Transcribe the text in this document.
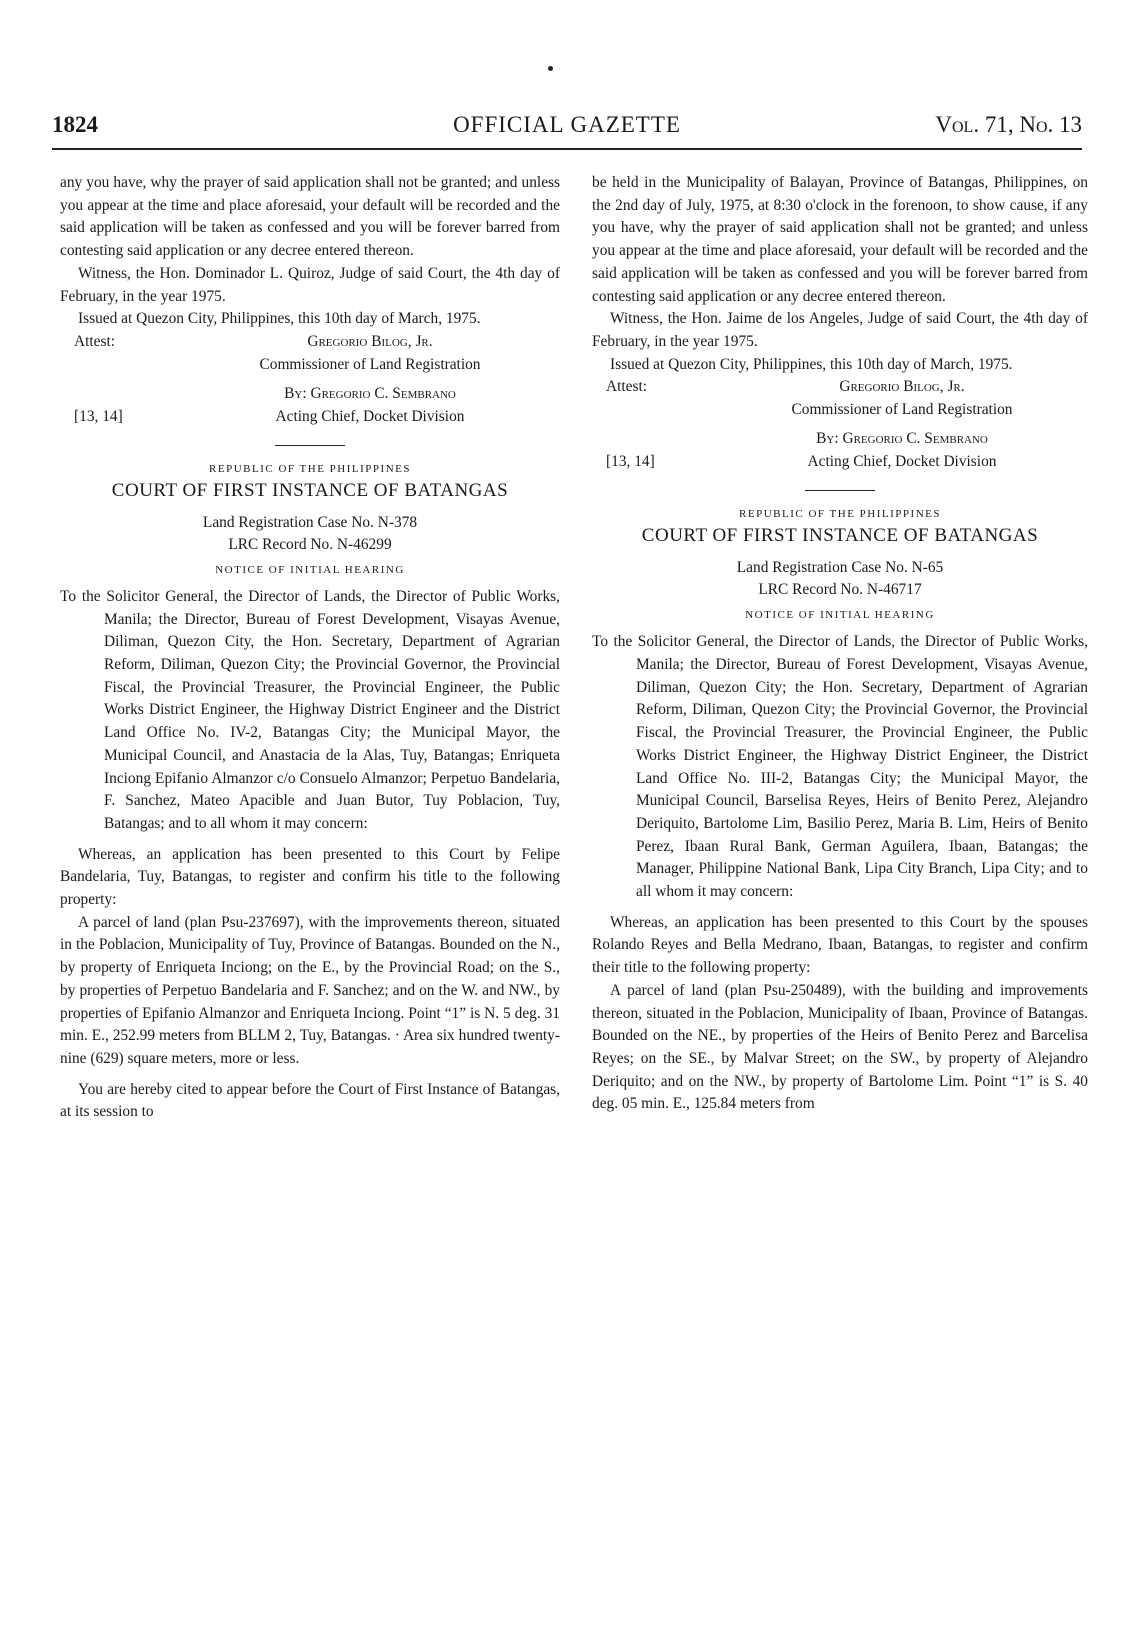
1824	OFFICIAL GAZETTE	Vol. 71, No. 13

any you have, why the prayer of said application shall not be granted; and unless you appear at the time and place aforesaid, your default will be recorded and the said application will be taken as confessed and you will be forever barred from contesting said application or any decree entered thereon.

Witness, the Hon. Dominador L. Quiroz, Judge of said Court, the 4th day of February, in the year 1975.

Issued at Quezon City, Philippines, this 10th day of March, 1975.

Attest:	Gregorio Bilog, Jr.
Commissioner of Land Registration
By: Gregorio C. Sembrano
[13, 14]	Acting Chief, Docket Division
REPUBLIC OF THE PHILIPPINES
COURT OF FIRST INSTANCE OF BATANGAS
Land Registration Case No. N-378
LRC Record No. N-46299
NOTICE OF INITIAL HEARING
To the Solicitor General, the Director of Lands, the Director of Public Works, Manila; the Director, Bureau of Forest Development, Visayas Avenue, Diliman, Quezon City, the Hon. Secretary, Department of Agrarian Reform, Diliman, Quezon City; the Provincial Governor, the Provincial Fiscal, the Provincial Treasurer, the Provincial Engineer, the Public Works District Engineer, the Highway District Engineer and the District Land Office No. IV-2, Batangas City; the Municipal Mayor, the Municipal Council, and Anastacia de la Alas, Tuy, Batangas; Enriqueta Inciong Epifanio Almanzor c/o Consuelo Almanzor; Perpetuo Bandelaria, F. Sanchez, Mateo Apacible and Juan Butor, Tuy Poblacion, Tuy, Batangas; and to all whom it may concern:

Whereas, an application has been presented to this Court by Felipe Bandelaria, Tuy, Batangas, to register and confirm his title to the following property:

A parcel of land (plan Psu-237697), with the improvements thereon, situated in the Poblacion, Municipality of Tuy, Province of Batangas. Bounded on the N., by property of Enriqueta Inciong; on the E., by the Provincial Road; on the S., by properties of Perpetuo Bandelaria and F. Sanchez; and on the W. and NW., by properties of Epifanio Almanzor and Enriqueta Inciong. Point “1” is N. 5 deg. 31 min. E., 252.99 meters from BLLM 2, Tuy, Batangas. · Area six hundred twenty-nine (629) square meters, more or less.

You are hereby cited to appear before the Court of First Instance of Batangas, at its session to

be held in the Municipality of Balayan, Province of Batangas, Philippines, on the 2nd day of July, 1975, at 8:30 o'clock in the forenoon, to show cause, if any you have, why the prayer of said application shall not be granted; and unless you appear at the time and place aforesaid, your default will be recorded and the said application will be taken as confessed and you will be forever barred from contesting said application or any decree entered thereon.

Witness, the Hon. Jaime de los Angeles, Judge of said Court, the 4th day of February, in the year 1975.

Issued at Quezon City, Philippines, this 10th day of March, 1975.

Attest:	Gregorio Bilog, Jr.
Commissioner of Land Registration
By: Gregorio C. Sembrano
[13, 14]	Acting Chief, Docket Division
REPUBLIC OF THE PHILIPPINES
COURT OF FIRST INSTANCE OF BATANGAS
Land Registration Case No. N-65
LRC Record No. N-46717
NOTICE OF INITIAL HEARING
To the Solicitor General, the Director of Lands, the Director of Public Works, Manila; the Director, Bureau of Forest Development, Visayas Avenue, Diliman, Quezon City; the Hon. Secretary, Department of Agrarian Reform, Diliman, Quezon City; the Provincial Governor, the Provincial Fiscal, the Provincial Treasurer, the Provincial Engineer, the Public Works District Engineer, the Highway District Engineer, the District Land Office No. III-2, Batangas City; the Municipal Mayor, the Municipal Council, Barselisa Reyes, Heirs of Benito Perez, Alejandro Deriquito, Bartolome Lim, Basilio Perez, Maria B. Lim, Heirs of Benito Perez, Ibaan Rural Bank, German Aguilera, Ibaan, Batangas; the Manager, Philippine National Bank, Lipa City Branch, Lipa City; and to all whom it may concern:

Whereas, an application has been presented to this Court by the spouses Rolando Reyes and Bella Medrano, Ibaan, Batangas, to register and confirm their title to the following property:

A parcel of land (plan Psu-250489), with the building and improvements thereon, situated in the Poblacion, Municipality of Ibaan, Province of Batangas. Bounded on the NE., by properties of the Heirs of Benito Perez and Barcelisa Reyes; on the SE., by Malvar Street; on the SW., by property of Alejandro Deriquito; and on the NW., by property of Bartolome Lim. Point “1” is S. 40 deg. 05 min. E., 125.84 meters from
